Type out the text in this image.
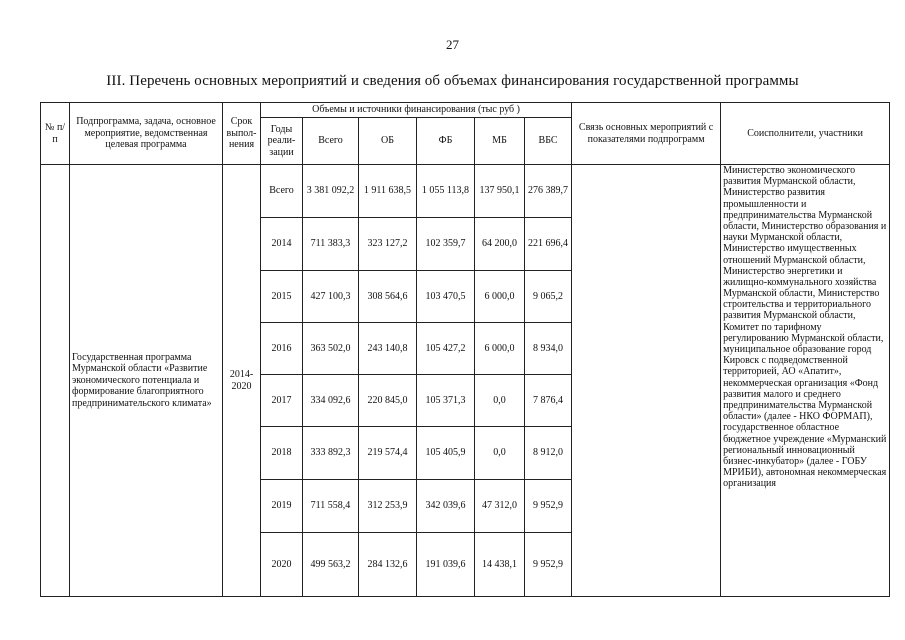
27
III. Перечень основных мероприятий и сведения об объемах финансирования государственной программы
№ п/п	Подпрограмма, задача, основное мероприятие, ведомственная целевая программа	Срок выпол-нения	Объемы и источники финансирования (тыс руб )						Связь основных мероприятий с показателями подпрограмм	Соисполнители, участники
			Годы реали-зации	Всего	ОБ	ФБ	МБ	ВБС		
	Государственная программа Мурманской области «Развитие экономического потенциала и формирование благоприятного предпринимательского климата»	2014-2020	Всего	3 381 092,2	1 911 638,5	1 055 113,8	137 950,1	276 389,7		Министерство экономического развития Мурманской области, Министерство развития промышленности и предпринимательства Мурманской области, Министерство образования и науки Мурманской области, Министерство имущественных отношений Мурманской области, Министерство энергетики и жилищно-коммунального хозяйства Мурманской области, Министерство строительства и территориального развития Мурманской области, Комитет по тарифному регулированию Мурманской области, муниципальное образование город Кировск с подведомственной территорией, АО «Апатит», некоммерческая организация «Фонд развития малого и среднего предпринимательства Мурманской области» (далее - НКО ФОРМАП), государственное областное бюджетное учреждение «Мурманский региональный инновационный бизнес-инкубатор» (далее - ГОБУ МРИБИ), автономная некоммерческая организация
			2014	711 383,3	323 127,2	102 359,7	64 200,0	221 696,4		
			2015	427 100,3	308 564,6	103 470,5	6 000,0	9 065,2		
			2016	363 502,0	243 140,8	105 427,2	6 000,0	8 934,0		
			2017	334 092,6	220 845,0	105 371,3	0,0	7 876,4		
			2018	333 892,3	219 574,4	105 405,9	0,0	8 912,0		
			2019	711 558,4	312 253,9	342 039,6	47 312,0	9 952,9		
			2020	499 563,2	284 132,6	191 039,6	14 438,1	9 952,9		
